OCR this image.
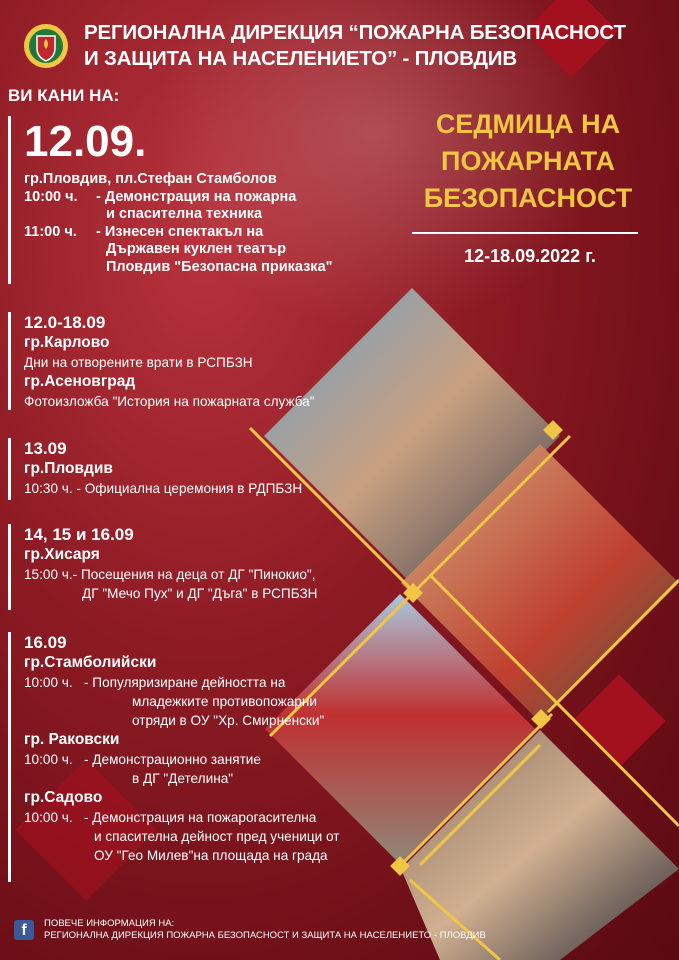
РЕГИОНАЛНА ДИРЕКЦИЯ “ПОЖАРНА БЕЗОПАСНОСТ
И ЗАЩИТА НА НАСЕЛЕНИЕТО” - ПЛОВДИВ
ВИ КАНИ НА:
12.09.
гр.Пловдив, пл.Стефан Стамболов
10:00 ч.	- Демонстрация на пожарна
и спасителна техника
11:00 ч.	- Изнесен спектакъл на
Държавен куклен театър
Пловдив "Безопасна приказка"
СЕДМИЦА НА
ПОЖАРНАТА
БЕЗОПАСНОСТ
12-18.09.2022 г.
12.0-18.09
гр.Карлово
Дни на отворените врати в РСПБЗН
гр.Асеновград
Фотоизложба "История на пожарната служба"
13.09
гр.Пловдив
10:30 ч. - Официална церемония в РДПБЗН
14, 15 и 16.09
гр.Хисаря
15:00 ч.- Посещения на деца от ДГ "Пинокио",
ДГ "Мечо Пух" и ДГ "Дъга" в РСПБЗН
16.09
гр.Стамболийски
10:00 ч. - Популяризиране дейността на
младежките противопожарни
отряди в ОУ "Хр. Смирненски"
гр. Раковски
10:00 ч. - Демонстрационно занятие
в ДГ "Детелина"
гр.Садово
10:00 ч. - Демонстрация на пожарогасителна
и спасителна дейност пред ученици от
ОУ "Гео Милев"на площада на града
f	ПОВЕЧЕ ИНФОРМАЦИЯ НА:
РЕГИОНАЛНА ДИРЕКЦИЯ ПОЖАРНА БЕЗОПАСНОСТ И ЗАЩИТА НА НАСЕЛЕНИЕТО - ПЛОВДИВ
